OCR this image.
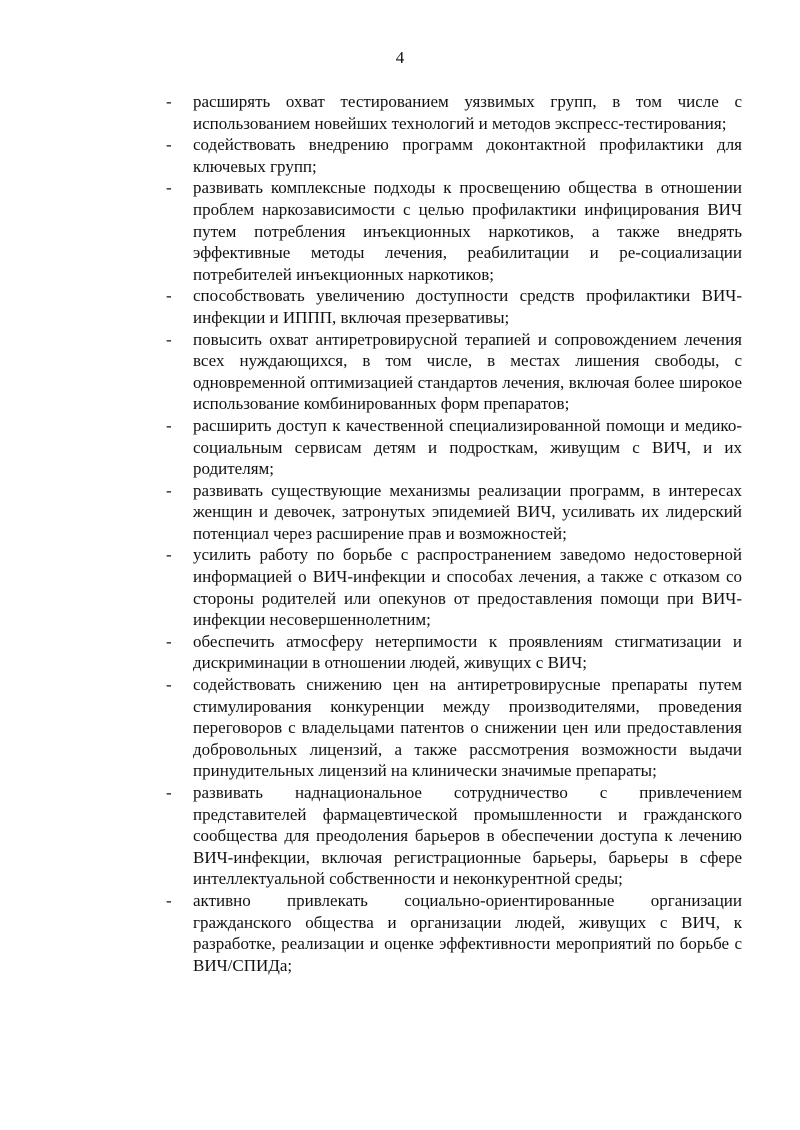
4
- расширять охват тестированием уязвимых групп, в том числе с использованием новейших технологий и методов экспресс-тестирования;
- содействовать внедрению программ доконтактной профилактики для ключевых групп;
- развивать комплексные подходы к просвещению общества в отношении проблем наркозависимости с целью профилактики инфицирования ВИЧ путем потребления инъекционных наркотиков, а также внедрять эффективные методы лечения, реабилитации и ре-социализации потребителей инъекционных наркотиков;
- способствовать увеличению доступности средств профилактики ВИЧ-инфекции и ИППП, включая презервативы;
- повысить охват антиретровирусной терапией и сопровождением лечения всех нуждающихся, в том числе, в местах лишения свободы, с одновременной оптимизацией стандартов лечения, включая более широкое использование комбинированных форм препаратов;
- расширить доступ к качественной специализированной помощи и медико-социальным сервисам детям и подросткам, живущим с ВИЧ, и их родителям;
- развивать существующие механизмы реализации программ, в интересах женщин и девочек, затронутых эпидемией ВИЧ, усиливать их лидерский потенциал через расширение прав и возможностей;
- усилить работу по борьбе с распространением заведомо недостоверной информацией о ВИЧ-инфекции и способах лечения, а также с отказом со стороны родителей или опекунов от предоставления помощи при ВИЧ-инфекции несовершеннолетним;
- обеспечить атмосферу нетерпимости к проявлениям стигматизации и дискриминации в отношении людей, живущих с ВИЧ;
- содействовать снижению цен на антиретровирусные препараты путем стимулирования конкуренции между производителями, проведения переговоров с владельцами патентов о снижении цен или предоставления добровольных лицензий, а также рассмотрения возможности выдачи принудительных лицензий на клинически значимые препараты;
- развивать наднациональное сотрудничество с привлечением представителей фармацевтической промышленности и гражданского сообщества для преодоления барьеров в обеспечении доступа к лечению ВИЧ-инфекции, включая регистрационные барьеры, барьеры в сфере интеллектуальной собственности и неконкурентной среды;
- активно привлекать социально-ориентированные организации гражданского общества и организации людей, живущих с ВИЧ, к разработке, реализации и оценке эффективности мероприятий по борьбе с ВИЧ/СПИДа;
